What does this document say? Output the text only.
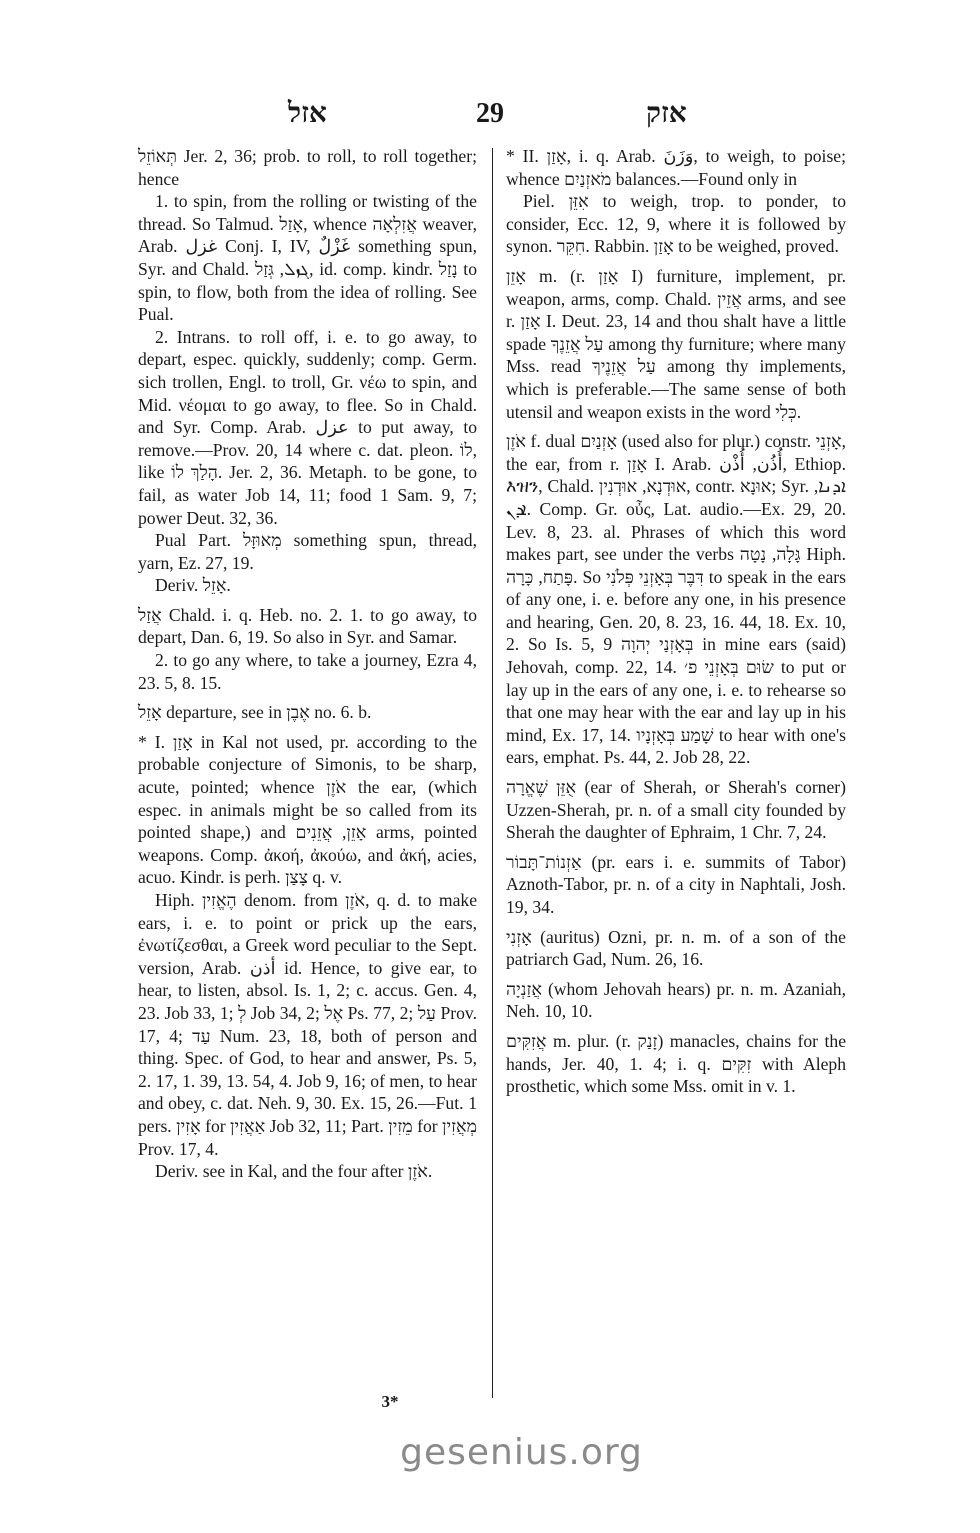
אזל	29	אזק

תְּאוֹזֵל Jer. 2, 36; prob. to roll, to roll together; hence

1. to spin, from the rolling or twisting of the thread. So Talmud. אָזַל, whence אֲזִלְאָה weaver, Arab. غزل Conj. I, IV, غَزْلٌ something spun, Syr. and Chald. ܓܙܠ, גְּזַל, id. comp. kindr. נָזַל to spin, to flow, both from the idea of rolling. See Pual.

2. Intrans. to roll off, i. e. to go away, to depart, espec. quickly, suddenly; comp. Germ. sich trollen, Engl. to troll, Gr. νέω to spin, and Mid. νέομαι to go away, to flee. So in Chald. and Syr. Comp. Arab. عزل to put away, to remove.—Prov. 20, 14 where c. dat. pleon. לוֹ, like הָלַךְ לוֹ. Jer. 2, 36. Metaph. to be gone, to fail, as water Job 14, 11; food 1 Sam. 9, 7; power Deut. 32, 36.

Pual Part. מְאוּזָּל something spun, thread, yarn, Ez. 27, 19.

Deriv. אָזֵל.

אֲזַל Chald. i. q. Heb. no. 2. 1. to go away, to depart, Dan. 6, 19. So also in Syr. and Samar.

2. to go any where, to take a journey, Ezra 4, 23. 5, 8. 15.

אָזֵל departure, see in אֶבֶן no. 6. b.

* I. אָזַן in Kal not used, pr. according to the probable conjecture of Simonis, to be sharp, acute, pointed; whence אֹזֶן the ear, (which espec. in animals might be so called from its pointed shape,) and אָזֵן, אֲזֵנִים arms, pointed weapons. Comp. ἀκοή, ἀκούω, and ἀκή, acies, acuo. Kindr. is perh. צָצַן q. v.

Hiph. הֶאֱזִין denom. from אֹזֶן, q. d. to make ears, i. e. to point or prick up the ears, ἐνωτίζεσθαι, a Greek word peculiar to the Sept. version, Arab. أذن id. Hence, to give ear, to hear, to listen, absol. Is. 1, 2; c. accus. Gen. 4, 23. Job 33, 1; לְ Job 34, 2; אֶל Ps. 77, 2; עַל Prov. 17, 4; עַד Num. 23, 18, both of person and thing. Spec. of God, to hear and answer, Ps. 5, 2. 17, 1. 39, 13. 54, 4. Job 9, 16; of men, to hear and obey, c. dat. Neh. 9, 30. Ex. 15, 26.—Fut. 1 pers. אָזִין for אַאֲזִין Job 32, 11; Part. מֵזִין for מְאֲזִין Prov. 17, 4.

Deriv. see in Kal, and the four after אֹזֶן.

* II. אָזַן, i. q. Arab. وَزَنَ, to weigh, to poise; whence מֹאזְנַיִם balances.—Found only in

Piel. אִזֵּן to weigh, trop. to ponder, to consider, Ecc. 12, 9, where it is followed by synon. חִקֵּר. Rabbin. אָזַן to be weighed, proved.

אָזֵן m. (r. אָזַן I) furniture, implement, pr. weapon, arms, comp. Chald. אֲזֵין arms, and see r. אָזַן I. Deut. 23, 14 and thou shalt have a little spade עַל אֲזֵנֶךָ among thy furniture; where many Mss. read עַל אֲזֵנֶיךָ among thy implements, which is preferable.—The same sense of both utensil and weapon exists in the word כְּלִי.

אֹזֶן f. dual אָזְנַיִם (used also for plur.) constr. אָזְנֵי, the ear, from r. אָזַן I. Arab. أُذُن, أُذْن, Ethiop. እዝን, Chald. אוּדְנָא, אוּדְנִין, contr. אוּנָא; Syr. ܐܕܢܐ, ܐܕܢ. Comp. Gr. οὖς, Lat. audio.—Ex. 29, 20. Lev. 8, 23. al. Phrases of which this word makes part, see under the verbs גָּלָה, נָטָה Hiph. פָּתַח, כָּרָה. So דִּבֶּר בְּאָזְנֵי פְּלֹנִי to speak in the ears of any one, i. e. before any one, in his presence and hearing, Gen. 20, 8. 23, 16. 44, 18. Ex. 10, 2. So Is. 5, 9 בְּאָזְנַי יְהוָה in mine ears (said) Jehovah, comp. 22, 14. שׂוּם בְּאָזְנֵי פ׳ to put or lay up in the ears of any one, i. e. to rehearse so that one may hear with the ear and lay up in his mind, Ex. 17, 14. שָׁמַע בְּאָזְנָיו to hear with one's ears, emphat. Ps. 44, 2. Job 28, 22.

אֻזֵּן שֶׁאֱרָה (ear of Sherah, or Sherah's corner) Uzzen-Sherah, pr. n. of a small city founded by Sherah the daughter of Ephraim, 1 Chr. 7, 24.

אַזְנוֹת־תָּבוֹר (pr. ears i. e. summits of Tabor) Aznoth-Tabor, pr. n. of a city in Naphtali, Josh. 19, 34.

אָזְנִי (auritus) Ozni, pr. n. m. of a son of the patriarch Gad, Num. 26, 16.

אֲזַנְיָה (whom Jehovah hears) pr. n. m. Azaniah, Neh. 10, 10.

אֲזִקִּים m. plur. (r. זָנַק) manacles, chains for the hands, Jer. 40, 1. 4; i. q. זִקִּים with Aleph prosthetic, which some Mss. omit in v. 1.

3*
gesenius.org
